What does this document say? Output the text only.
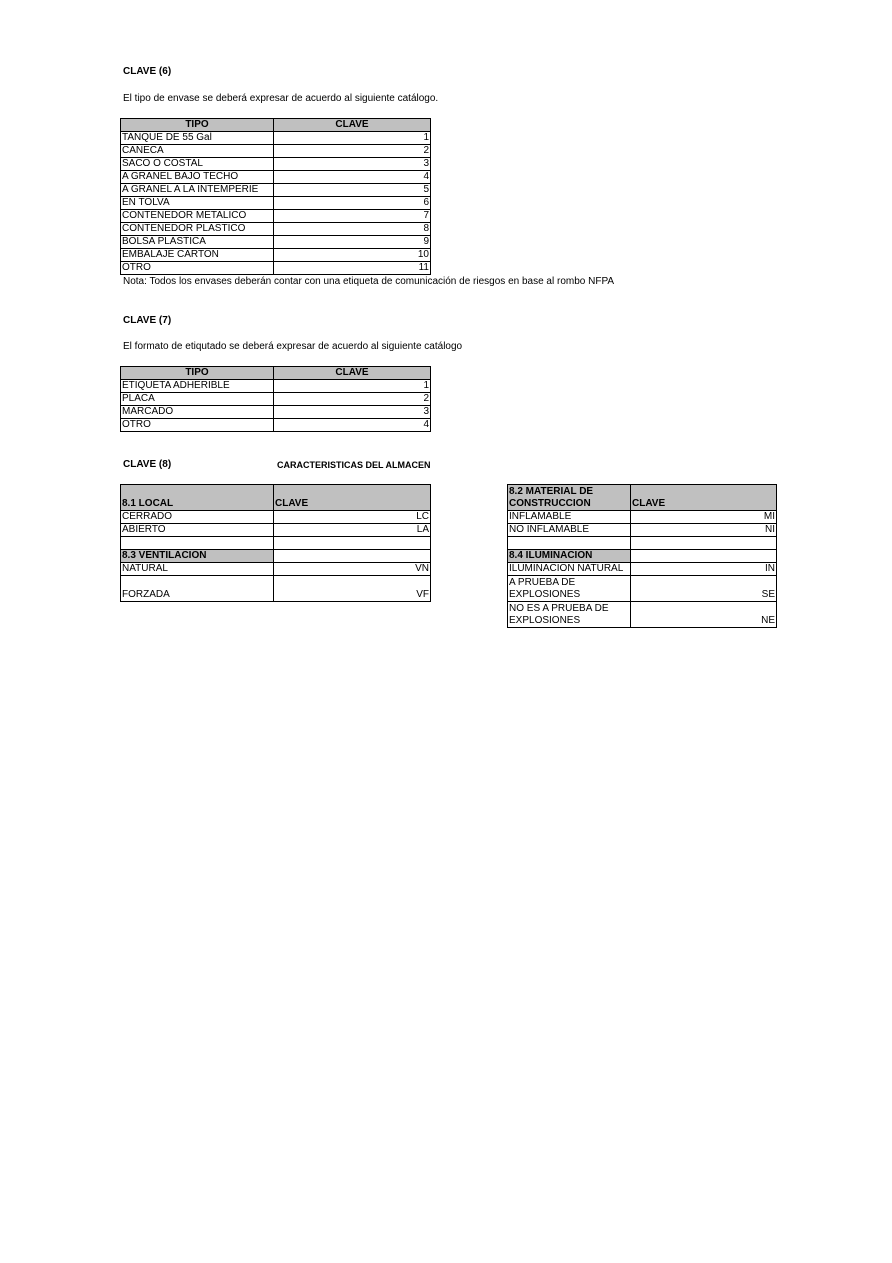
CLAVE (6)
El tipo de envase se deberá expresar de acuerdo al siguiente catálogo.
TIPO	CLAVE
TANQUE DE 55 Gal	1
CANECA	2
SACO O COSTAL	3
A GRANEL BAJO TECHO	4
A GRANEL A LA INTEMPERIE	5
EN TOLVA	6
CONTENEDOR METALICO	7
CONTENEDOR PLASTICO	8
BOLSA PLASTICA	9
EMBALAJE CARTON	10
OTRO	11
Nota: Todos los envases deberán contar con una etiqueta de comunicación de riesgos en base al rombo NFPA
CLAVE (7)
El formato de etiqutado se deberá expresar de acuerdo al siguiente catálogo
TIPO	CLAVE
ETIQUETA ADHERIBLE	1
PLACA	2
MARCADO	3
OTRO	4
CLAVE (8)	CARACTERISTICAS DEL ALMACEN
8.1 LOCAL	CLAVE
CERRADO	LC
ABIERTO	LA

8.3 VENTILACION	
NATURAL	VN
FORZADA	VF
8.2 MATERIAL DE CONSTRUCCION	CLAVE
INFLAMABLE	MI
NO INFLAMABLE	NI

8.4 ILUMINACION	
ILUMINACION NATURAL	IN
A PRUEBA DE EXPLOSIONES	SE
NO ES A PRUEBA DE EXPLOSIONES	NE
